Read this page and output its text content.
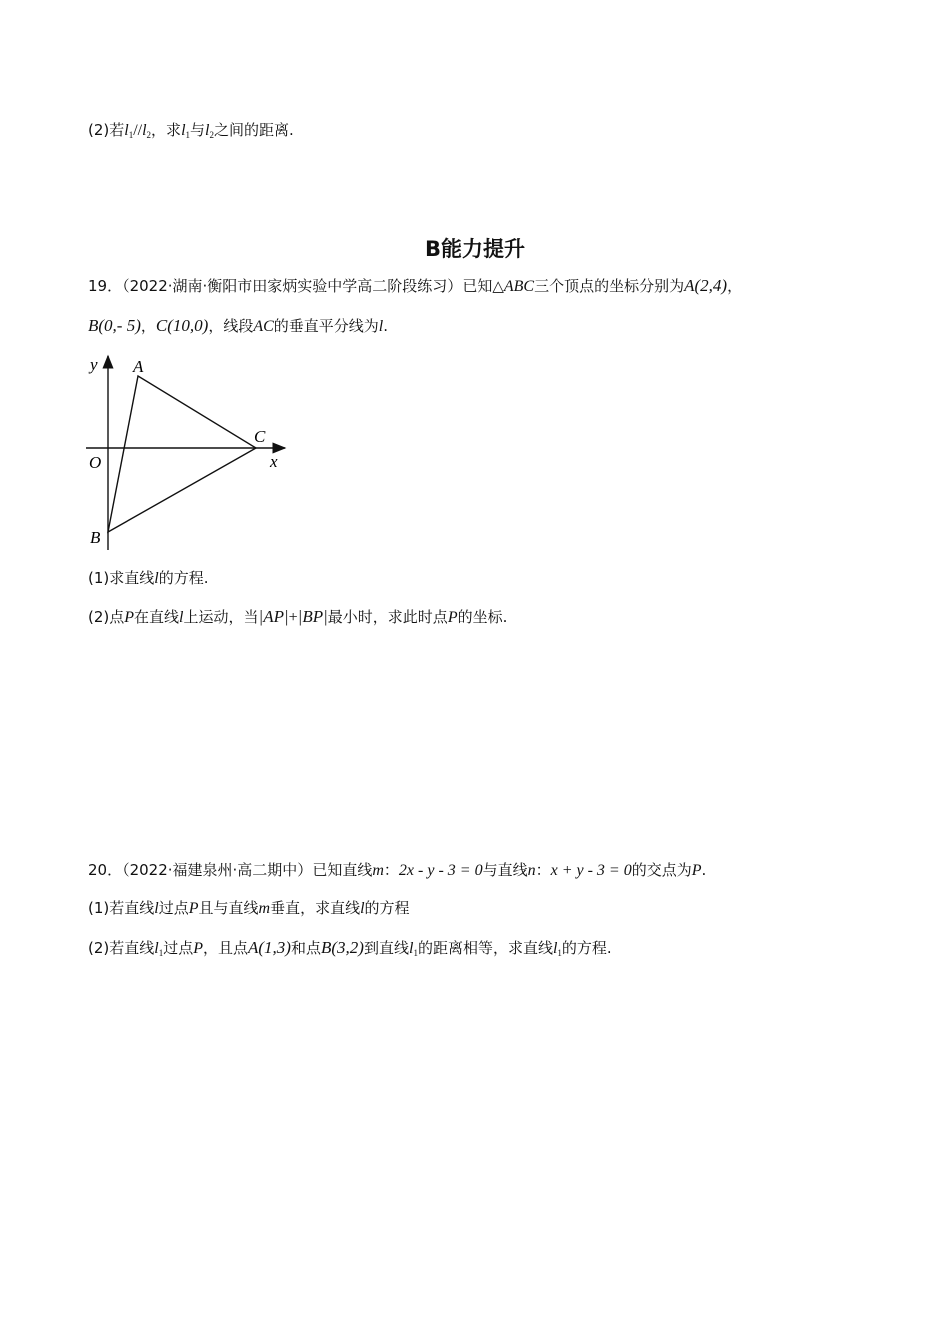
(2)若$l_1//l_2$，求$l_1$与$l_2$之间的距离.
B能力提升
19．（2022·湖南·衡阳市田家炳实验中学高二阶段练习）已知△ABC三个顶点的坐标分别为A(2,4)，
B(0,- 5)，C(10,0)，线段AC的垂直平分线为l.
y
x
O
A
B
C
(1)求直线l的方程.
(2)点P在直线l上运动，当|AP|+|BP|最小时，求此时点P的坐标.
20．（2022·福建泉州·高二期中）已知直线m：2x - y - 3 = 0与直线n：x + y - 3 = 0的交点为P.
(1)若直线l过点P且与直线m垂直，求直线l的方程
(2)若直线$l_1$过点P，且点A(1,3)和点B(3,2)到直线$l_1$的距离相等，求直线$l_1$的方程.
